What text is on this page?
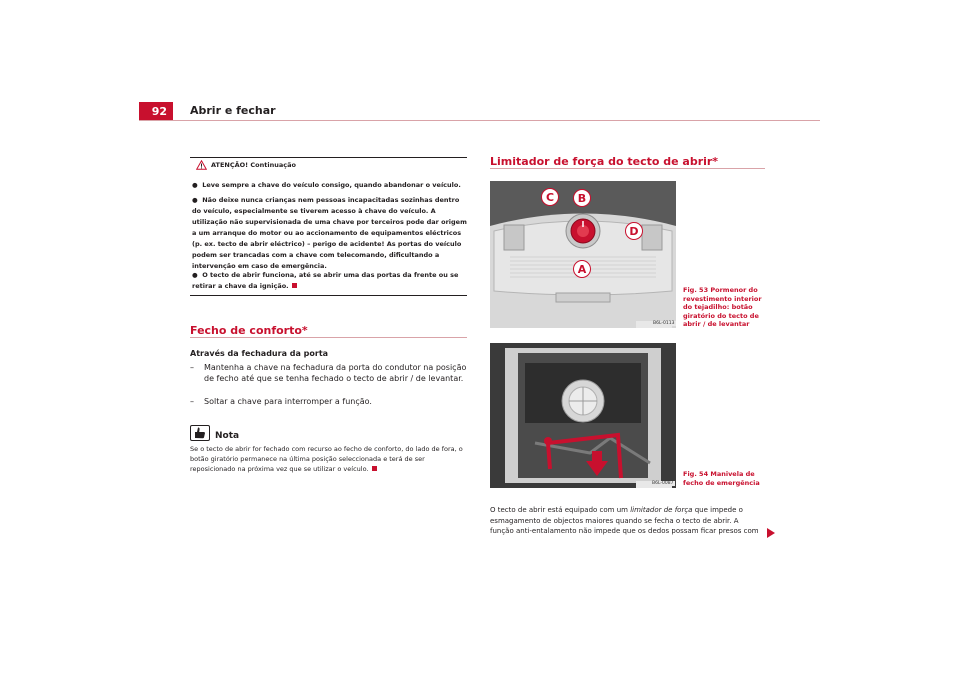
92	Abrir e fechar
ATENÇÃO! Continuação
●  Leve sempre a chave do veículo consigo, quando abandonar o veículo.
●  Não deixe nunca crianças nem pessoas incapacitadas sozinhas dentro do veículo, especialmente se tiverem acesso à chave do veículo. A utilização não supervisionada de uma chave por terceiros pode dar origem a um arranque do motor ou ao accionamento de equipamentos eléctricos (p. ex. tecto de abrir eléctrico) – perigo de acidente! As portas do veículo podem ser trancadas com a chave com telecomando, dificultando a intervenção em caso de emergência.
●  O tecto de abrir funciona, até se abrir uma das portas da frente ou se retirar a chave da ignição.
Fecho de conforto*
Através da fechadura da porta
–	Mantenha a chave na fechadura da porta do condutor na posição de fecho até que se tenha fechado o tecto de abrir / de levantar.
–	Soltar a chave para interromper a função.
Nota
Se o tecto de abrir for fechado com recurso ao fecho de conforto, do lado de fora, o botão giratório permanece na última posição seleccionada e terá de ser reposicionado na próxima vez que se utilizar o veículo.
Limitador de força do tecto de abrir*
C	B
D
A
B6L-0113
Fig. 53 Pormenor do revestimento interior do tejadilho: botão giratório do tecto de abrir / de levantar
B6L-0087
Fig. 54 Manivela de fecho de emergência
O tecto de abrir está equipado com um limitador de força que impede o esmagamento de objectos maiores quando se fecha o tecto de abrir. A função anti-entalamento não impede que os dedos possam ficar presos com
